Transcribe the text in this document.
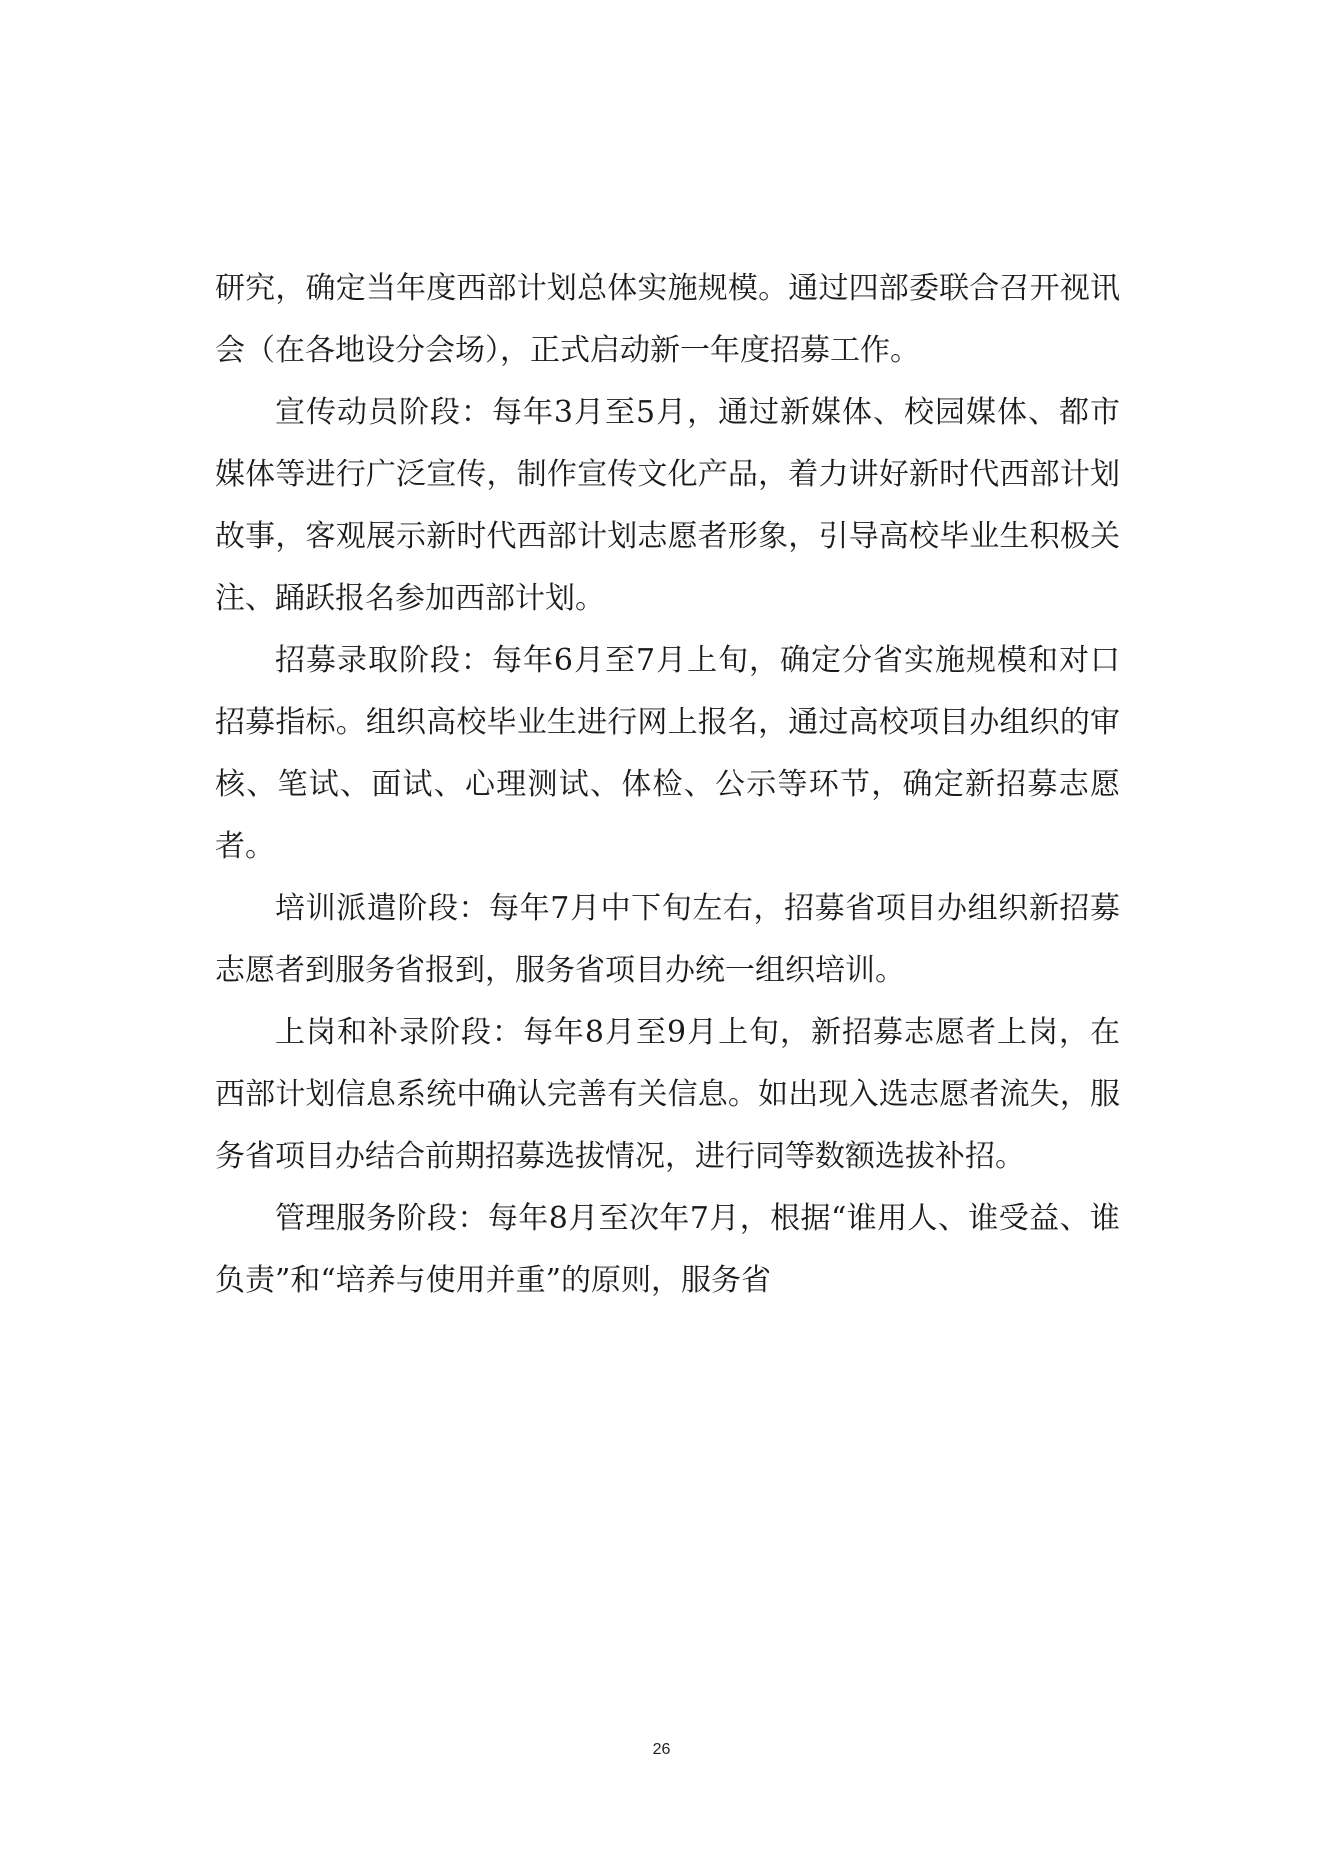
研究，确定当年度西部计划总体实施规模。通过四部委联合召开视讯会（在各地设分会场），正式启动新一年度招募工作。

宣传动员阶段：每年3月至5月，通过新媒体、校园媒体、都市媒体等进行广泛宣传，制作宣传文化产品，着力讲好新时代西部计划故事，客观展示新时代西部计划志愿者形象，引导高校毕业生积极关注、踊跃报名参加西部计划。

招募录取阶段：每年6月至7月上旬，确定分省实施规模和对口招募指标。组织高校毕业生进行网上报名，通过高校项目办组织的审核、笔试、面试、心理测试、体检、公示等环节，确定新招募志愿者。

培训派遣阶段：每年7月中下旬左右，招募省项目办组织新招募志愿者到服务省报到，服务省项目办统一组织培训。

上岗和补录阶段：每年8月至9月上旬，新招募志愿者上岗，在西部计划信息系统中确认完善有关信息。如出现入选志愿者流失，服务省项目办结合前期招募选拔情况，进行同等数额选拔补招。

管理服务阶段：每年8月至次年7月，根据“谁用人、谁受益、谁负责”和“培养与使用并重”的原则，服务省

26
